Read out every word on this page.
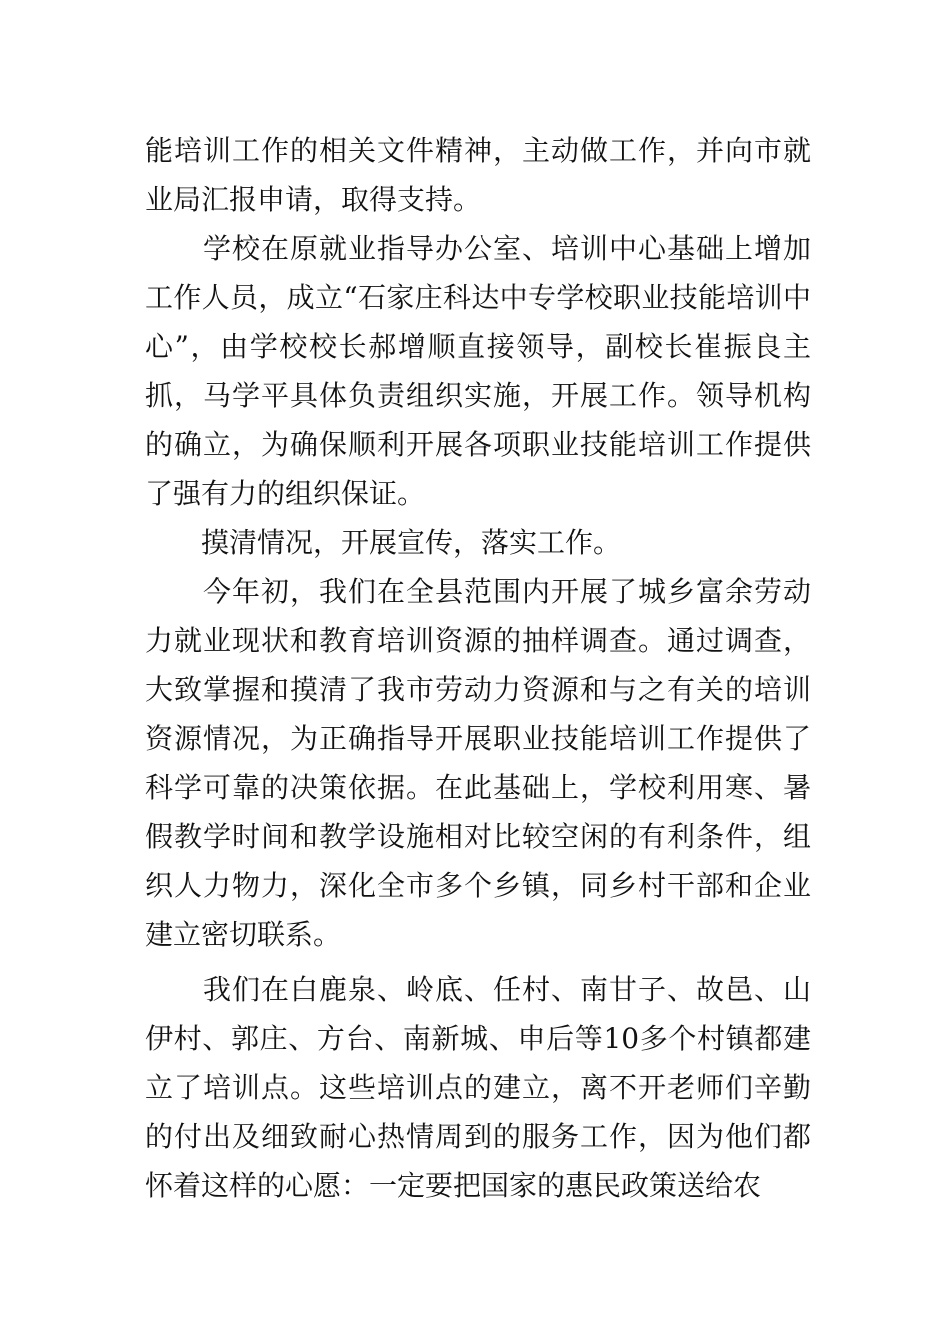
能培训工作的相关文件精神，主动做工作，并向市就业局汇报申请，取得支持。

　　学校在原就业指导办公室、培训中心基础上增加工作人员，成立“石家庄科达中专学校职业技能培训中心”，由学校校长郝增顺直接领导，副校长崔振良主抓，马学平具体负责组织实施，开展工作。领导机构的确立，为确保顺利开展各项职业技能培训工作提供了强有力的组织保证。

　　摸清情况，开展宣传，落实工作。

　　今年初，我们在全县范围内开展了城乡富余劳动力就业现状和教育培训资源的抽样调查。通过调查，大致掌握和摸清了我市劳动力资源和与之有关的培训资源情况，为正确指导开展职业技能培训工作提供了科学可靠的决策依据。在此基础上，学校利用寒、暑假教学时间和教学设施相对比较空闲的有利条件，组织人力物力，深化全市多个乡镇，同乡村干部和企业建立密切联系。

　　我们在白鹿泉、岭底、任村、南甘子、故邑、山伊村、郭庄、方台、南新城、申后等10多个村镇都建立了培训点。这些培训点的建立，离不开老师们辛勤的付出及细致耐心热情周到的服务工作，因为他们都怀着这样的心愿：一定要把国家的惠民政策送给农
